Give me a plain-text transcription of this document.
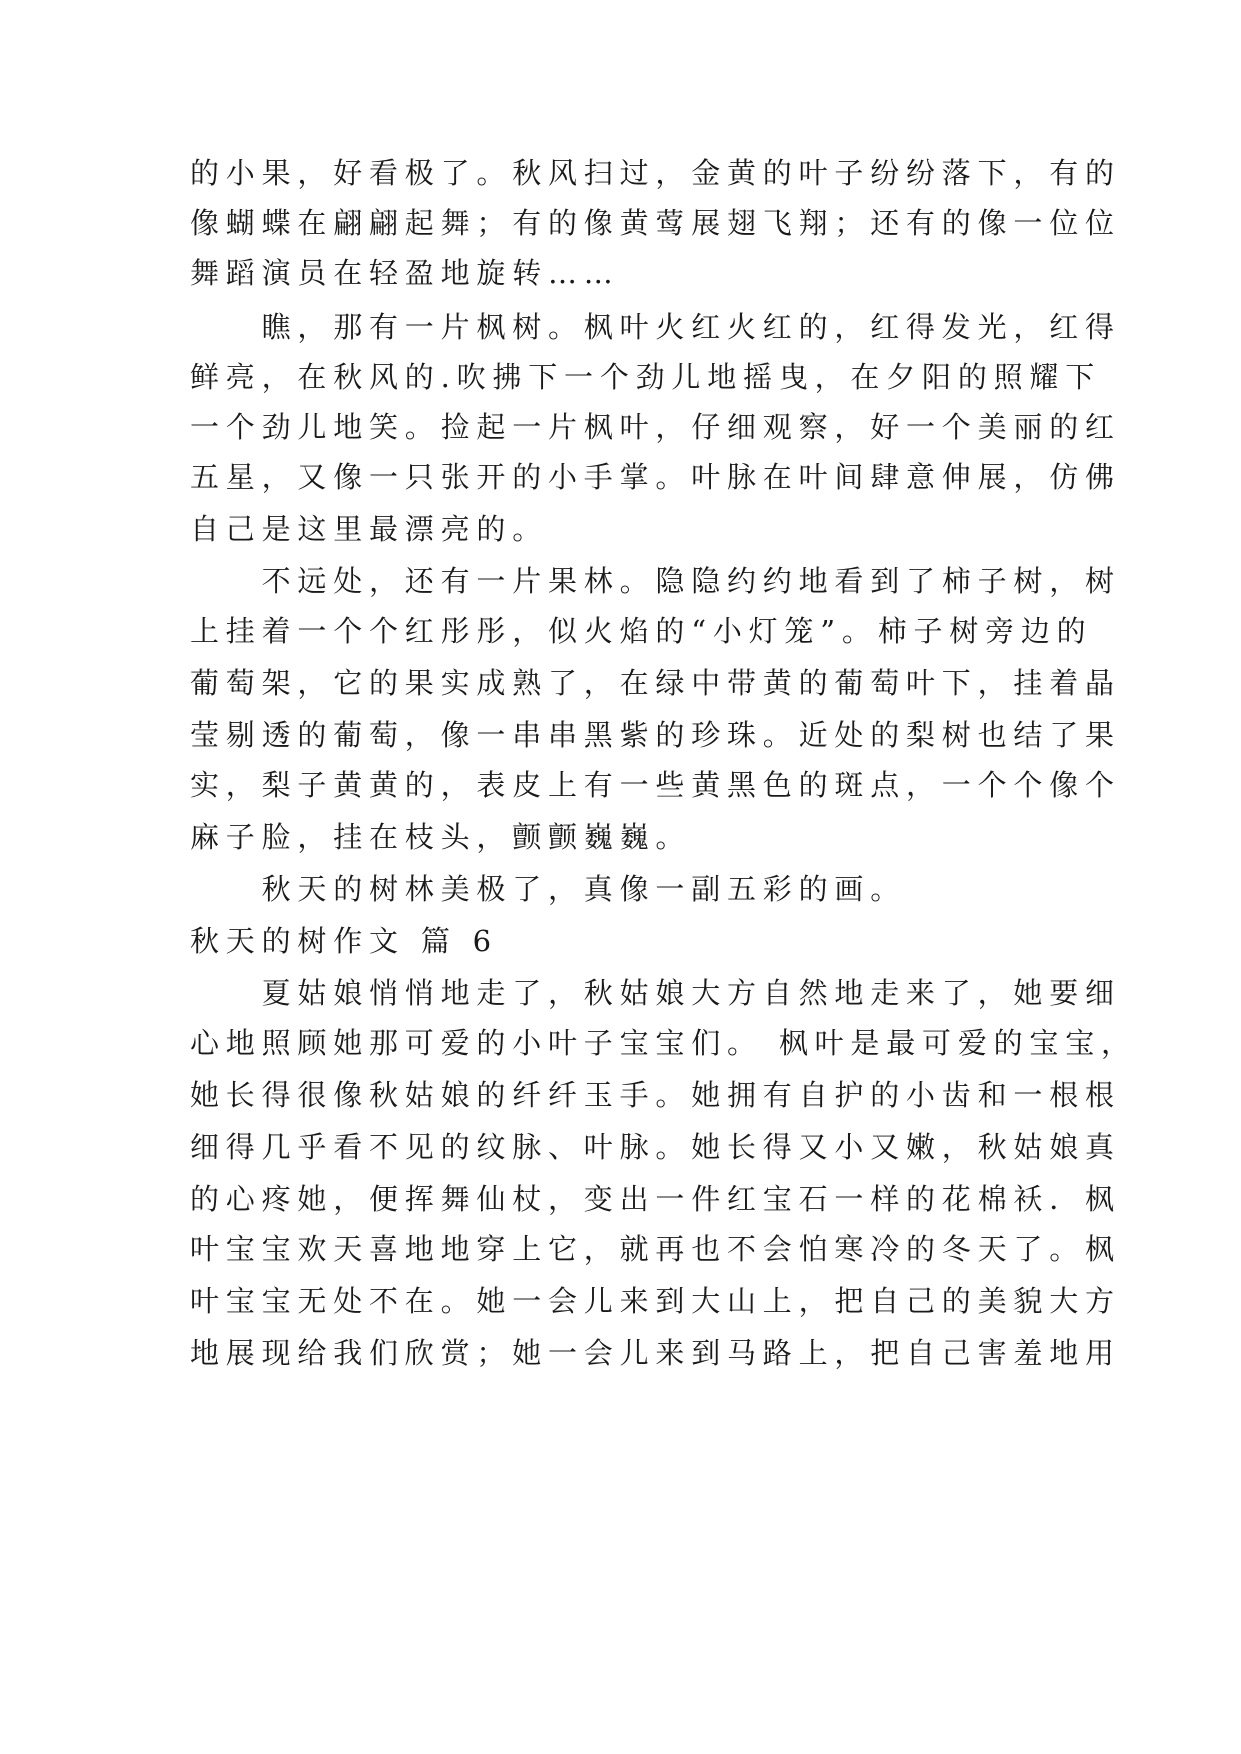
的小果，好看极了。秋风扫过，金黄的叶子纷纷落下，有的
像蝴蝶在翩翩起舞；有的像黄莺展翅飞翔；还有的像一位位
舞蹈演员在轻盈地旋转……
　　瞧，那有一片枫树。枫叶火红火红的，红得发光，红得
鲜亮，在秋风的.吹拂下一个劲儿地摇曳，在夕阳的照耀下
一个劲儿地笑。捡起一片枫叶，仔细观察，好一个美丽的红
五星，又像一只张开的小手掌。叶脉在叶间肆意伸展，仿佛
自己是这里最漂亮的。
　　不远处，还有一片果林。隐隐约约地看到了柿子树，树
上挂着一个个红彤彤，似火焰的“小灯笼”。柿子树旁边的
葡萄架，它的果实成熟了，在绿中带黄的葡萄叶下，挂着晶
莹剔透的葡萄，像一串串黑紫的珍珠。近处的梨树也结了果
实，梨子黄黄的，表皮上有一些黄黑色的斑点，一个个像个
麻子脸，挂在枝头，颤颤巍巍。
　　秋天的树林美极了，真像一副五彩的画。
秋天的树作文 篇 6
　　夏姑娘悄悄地走了，秋姑娘大方自然地走来了，她要细
心地照顾她那可爱的小叶子宝宝们。 枫叶是最可爱的宝宝，
她长得很像秋姑娘的纤纤玉手。她拥有自护的小齿和一根根
细得几乎看不见的纹脉、叶脉。她长得又小又嫩，秋姑娘真
的心疼她，便挥舞仙杖，变出一件红宝石一样的花棉袄．枫
叶宝宝欢天喜地地穿上它，就再也不会怕寒冷的冬天了。枫
叶宝宝无处不在。她一会儿来到大山上，把自己的美貌大方
地展现给我们欣赏；她一会儿来到马路上，把自己害羞地用
